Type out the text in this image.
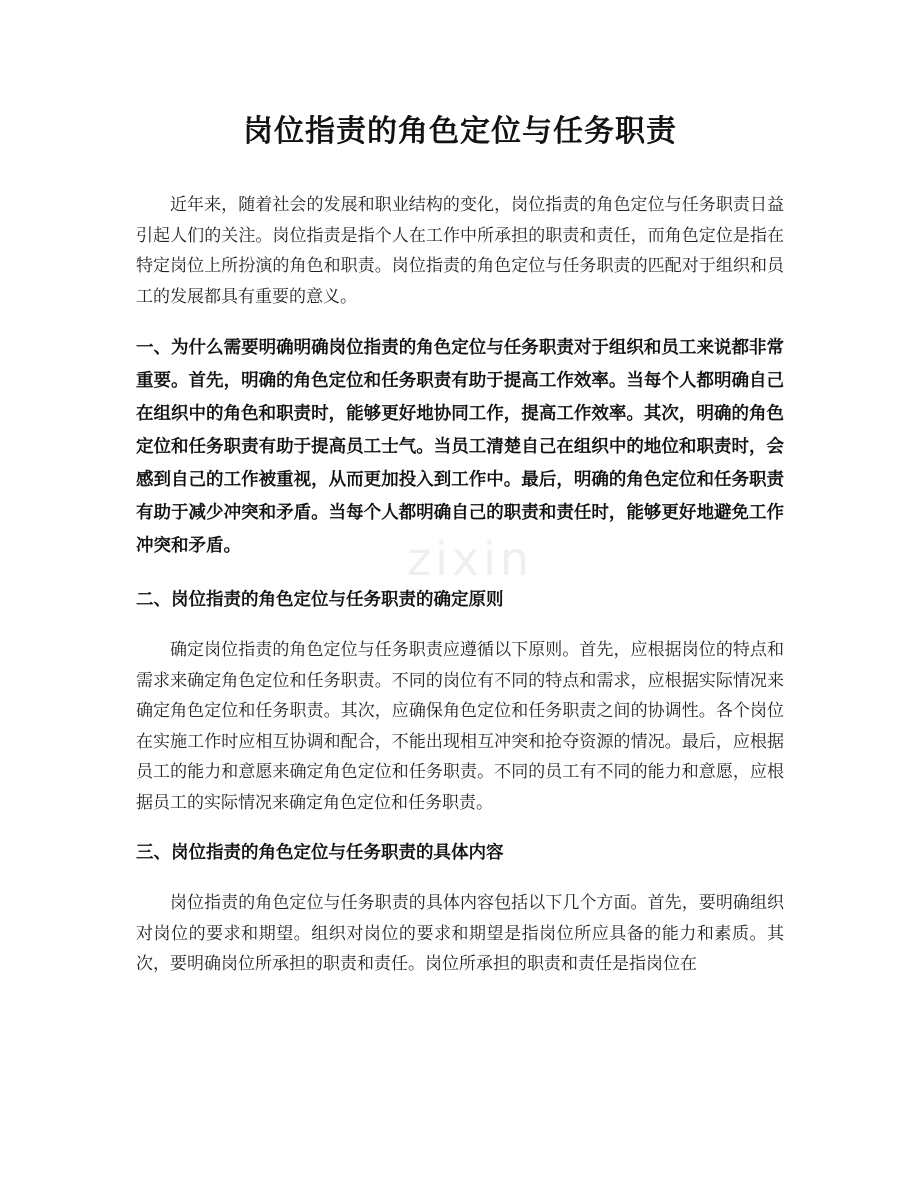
岗位指责的角色定位与任务职责

近年来，随着社会的发展和职业结构的变化，岗位指责的角色定位与任务职责日益引起人们的关注。岗位指责是指个人在工作中所承担的职责和责任，而角色定位是指在特定岗位上所扮演的角色和职责。岗位指责的角色定位与任务职责的匹配对于组织和员工的发展都具有重要的意义。

一、为什么需要明确明确岗位指责的角色定位与任务职责对于组织和员工来说都非常重要。首先，明确的角色定位和任务职责有助于提高工作效率。当每个人都明确自己在组织中的角色和职责时，能够更好地协同工作，提高工作效率。其次，明确的角色定位和任务职责有助于提高员工士气。当员工清楚自己在组织中的地位和职责时，会感到自己的工作被重视，从而更加投入到工作中。最后，明确的角色定位和任务职责有助于减少冲突和矛盾。当每个人都明确自己的职责和责任时，能够更好地避免工作冲突和矛盾。

二、岗位指责的角色定位与任务职责的确定原则

确定岗位指责的角色定位与任务职责应遵循以下原则。首先，应根据岗位的特点和需求来确定角色定位和任务职责。不同的岗位有不同的特点和需求，应根据实际情况来确定角色定位和任务职责。其次，应确保角色定位和任务职责之间的协调性。各个岗位在实施工作时应相互协调和配合，不能出现相互冲突和抢夺资源的情况。最后，应根据员工的能力和意愿来确定角色定位和任务职责。不同的员工有不同的能力和意愿，应根据员工的实际情况来确定角色定位和任务职责。

三、岗位指责的角色定位与任务职责的具体内容

岗位指责的角色定位与任务职责的具体内容包括以下几个方面。首先，要明确组织对岗位的要求和期望。组织对岗位的要求和期望是指岗位所应具备的能力和素质。其次，要明确岗位所承担的职责和责任。岗位所承担的职责和责任是指岗位在
